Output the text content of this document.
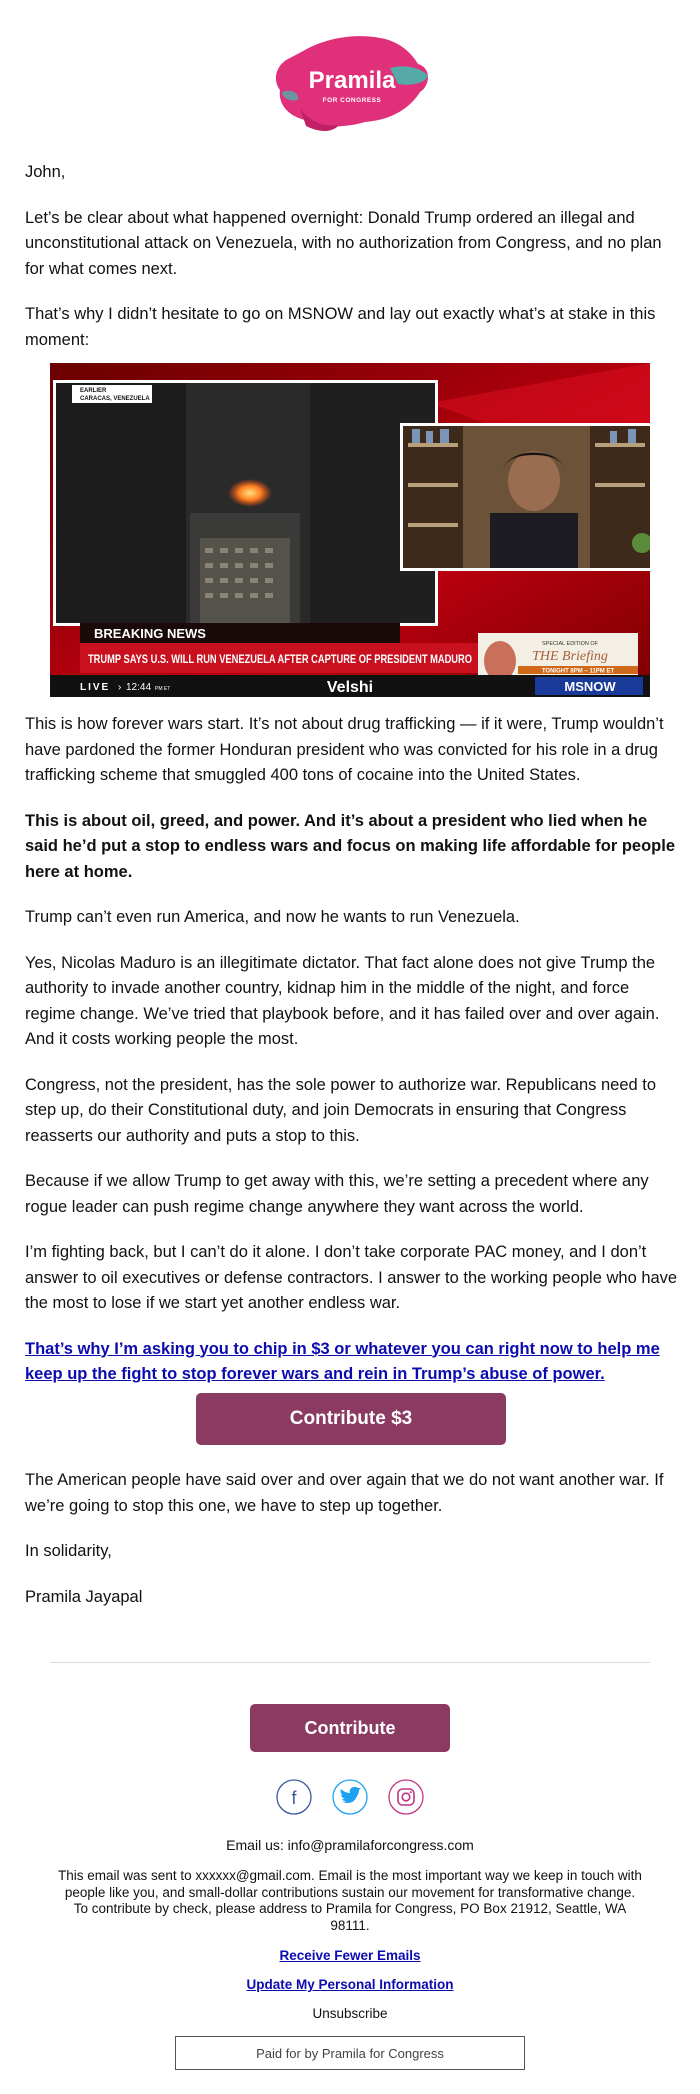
Pramila
FOR CONGRESS

John,

Let’s be clear about what happened overnight: Donald Trump ordered an illegal and unconstitutional attack on Venezuela, with no authorization from Congress, and no plan for what comes next.

That’s why I didn’t hesitate to go on MSNOW and lay out exactly what’s at stake in this moment:

EARLIER
CARACAS, VENEZUELA
BREAKING NEWS
TRUMP SAYS U.S. WILL RUN VENEZUELA AFTER CAPTURE OF PRESIDENT MADURO
SPECIAL EDITION OF
THE Briefing
TONIGHT 8PM – 11PM ET
LIVE › 12:44 PM ET	Velshi	MSNOW

This is how forever wars start. It’s not about drug trafficking — if it were, Trump wouldn’t have pardoned the former Honduran president who was convicted for his role in a drug trafficking scheme that smuggled 400 tons of cocaine into the United States.

This is about oil, greed, and power. And it’s about a president who lied when he said he’d put a stop to endless wars and focus on making life affordable for people here at home.

Trump can’t even run America, and now he wants to run Venezuela.

Yes, Nicolas Maduro is an illegitimate dictator. That fact alone does not give Trump the authority to invade another country, kidnap him in the middle of the night, and force regime change. We’ve tried that playbook before, and it has failed over and over again. And it costs working people the most.

Congress, not the president, has the sole power to authorize war. Republicans need to step up, do their Constitutional duty, and join Democrats in ensuring that Congress reasserts our authority and puts a stop to this.

Because if we allow Trump to get away with this, we’re setting a precedent where any rogue leader can push regime change anywhere they want across the world.

I’m fighting back, but I can’t do it alone. I don’t take corporate PAC money, and I don’t answer to oil executives or defense contractors. I answer to the working people who have the most to lose if we start yet another endless war.

That’s why I’m asking you to chip in $3 or whatever you can right now to help me keep up the fight to stop forever wars and rein in Trump’s abuse of power.

Contribute $3

The American people have said over and over again that we do not want another war. If we’re going to stop this one, we have to step up together.

In solidarity,

Pramila Jayapal

Contribute
f
Email us: info@pramilaforcongress.com
This email was sent to xxxxxx@gmail.com. Email is the most important way we keep in touch with people like you, and small-dollar contributions sustain our movement for transformative change. To contribute by check, please address to Pramila for Congress, PO Box 21912, Seattle, WA 98111.
Receive Fewer Emails
Update My Personal Information
Unsubscribe
Paid for by Pramila for Congress
